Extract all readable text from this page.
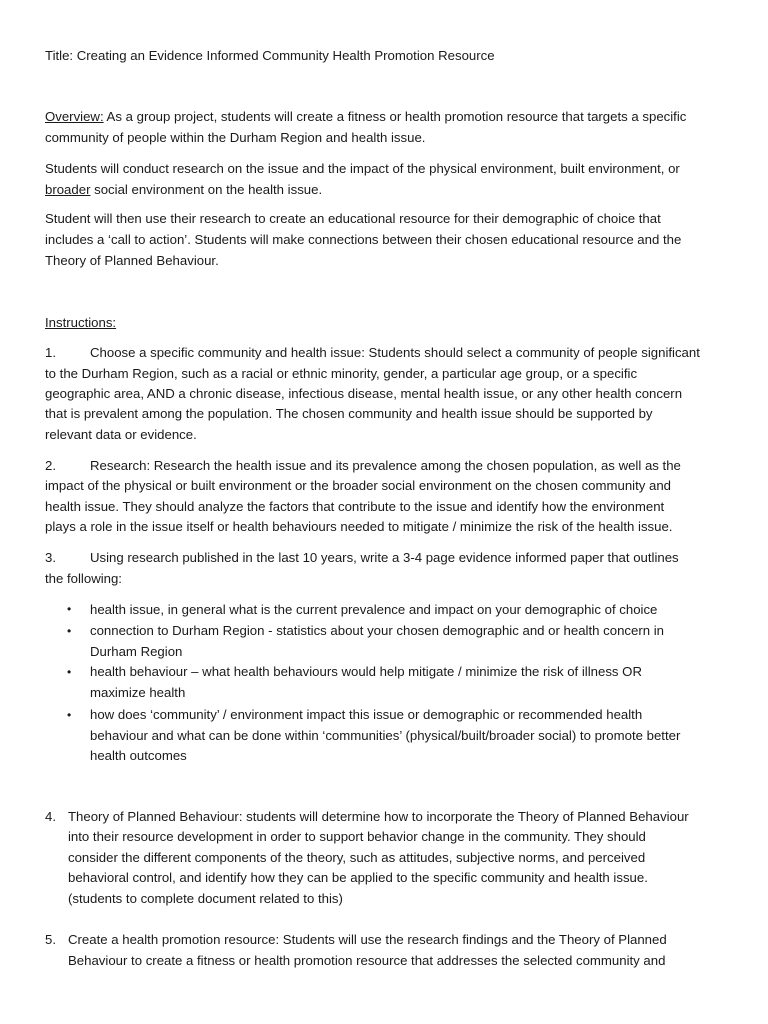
Title: Creating an Evidence Informed Community Health Promotion Resource
Overview: As a group project, students will create a fitness or health promotion resource that targets a specific
community of people within the Durham Region and health issue.
Students will conduct research on the issue and the impact of the physical environment, built environment, or
broader social environment on the health issue.
Student will then use their research to create an educational resource for their demographic of choice that
includes a ‘call to action’. Students will make connections between their chosen educational resource and the
Theory of Planned Behaviour.
Instructions:
1.	Choose a specific community and health issue: Students should select a community of people significant
to the Durham Region, such as a racial or ethnic minority, gender, a particular age group, or a specific
geographic area, AND a chronic disease, infectious disease, mental health issue, or any other health concern
that is prevalent among the population. The chosen community and health issue should be supported by
relevant data or evidence.
2.	Research: Research the health issue and its prevalence among the chosen population, as well as the
impact of the physical or built environment or the broader social environment on the chosen community and
health issue. They should analyze the factors that contribute to the issue and identify how the environment
plays a role in the issue itself or health behaviours needed to mitigate / minimize the risk of the health issue.
3.	Using research published in the last 10 years, write a 3-4 page evidence informed paper that outlines
the following:
• health issue, in general what is the current prevalence and impact on your demographic of choice
• connection to Durham Region - statistics about your chosen demographic and or health concern in
Durham Region
• health behaviour – what health behaviours would help mitigate / minimize the risk of illness OR
maximize health
• how does ‘community’ / environment impact this issue or demographic or recommended health
behaviour and what can be done within ‘communities’ (physical/built/broader social) to promote better
health outcomes
4. Theory of Planned Behaviour: students will determine how to incorporate the Theory of Planned Behaviour
into their resource development in order to support behavior change in the community. They should
consider the different components of the theory, such as attitudes, subjective norms, and perceived
behavioral control, and identify how they can be applied to the specific community and health issue.
(students to complete document related to this)
5. Create a health promotion resource: Students will use the research findings and the Theory of Planned
Behaviour to create a fitness or health promotion resource that addresses the selected community and
